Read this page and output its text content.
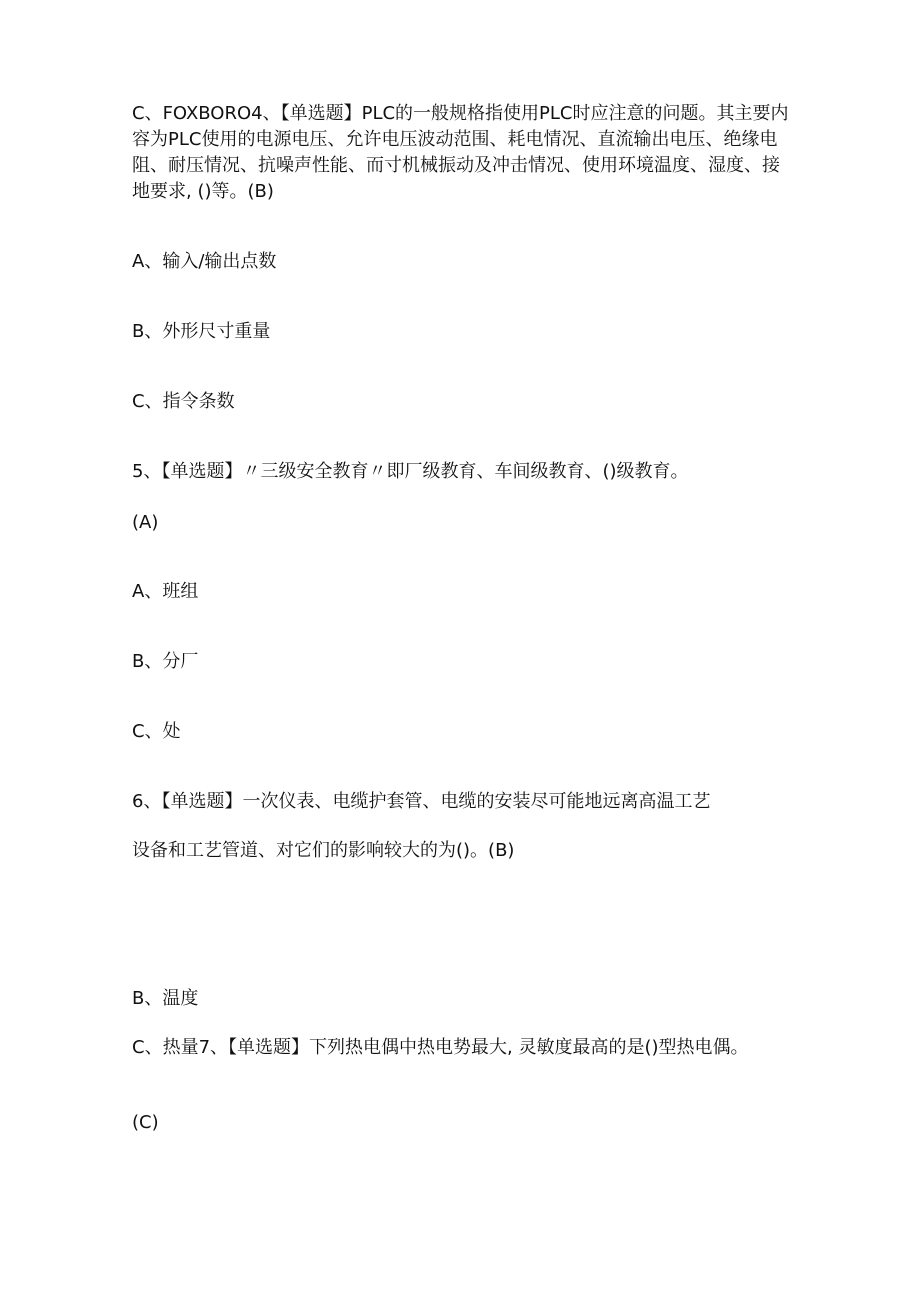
C、FOXBORO4、【单选题】PLC的一般规格指使用PLC时应注意的问题。其主要内容为PLC使用的电源电压、允许电压波动范围、耗电情况、直流输出电压、绝缘电阻、耐压情况、抗噪声性能、而寸机械振动及冲击情况、使用环境温度、湿度、接地要求, ()等。(B)
A、输入/输出点数
B、外形尺寸重量
C、指令条数
5、【单选题】〃三级安全教育〃即厂级教育、车间级教育、()级教育。
(A)
A、班组
B、分厂
C、处
6、【单选题】一次仪表、电缆护套管、电缆的安装尽可能地远离高温工艺
设备和工艺管道、对它们的影响较大的为()。(B)
B、温度
C、热量7、【单选题】下列热电偶中热电势最大, 灵敏度最高的是()型热电偶。
(C)
